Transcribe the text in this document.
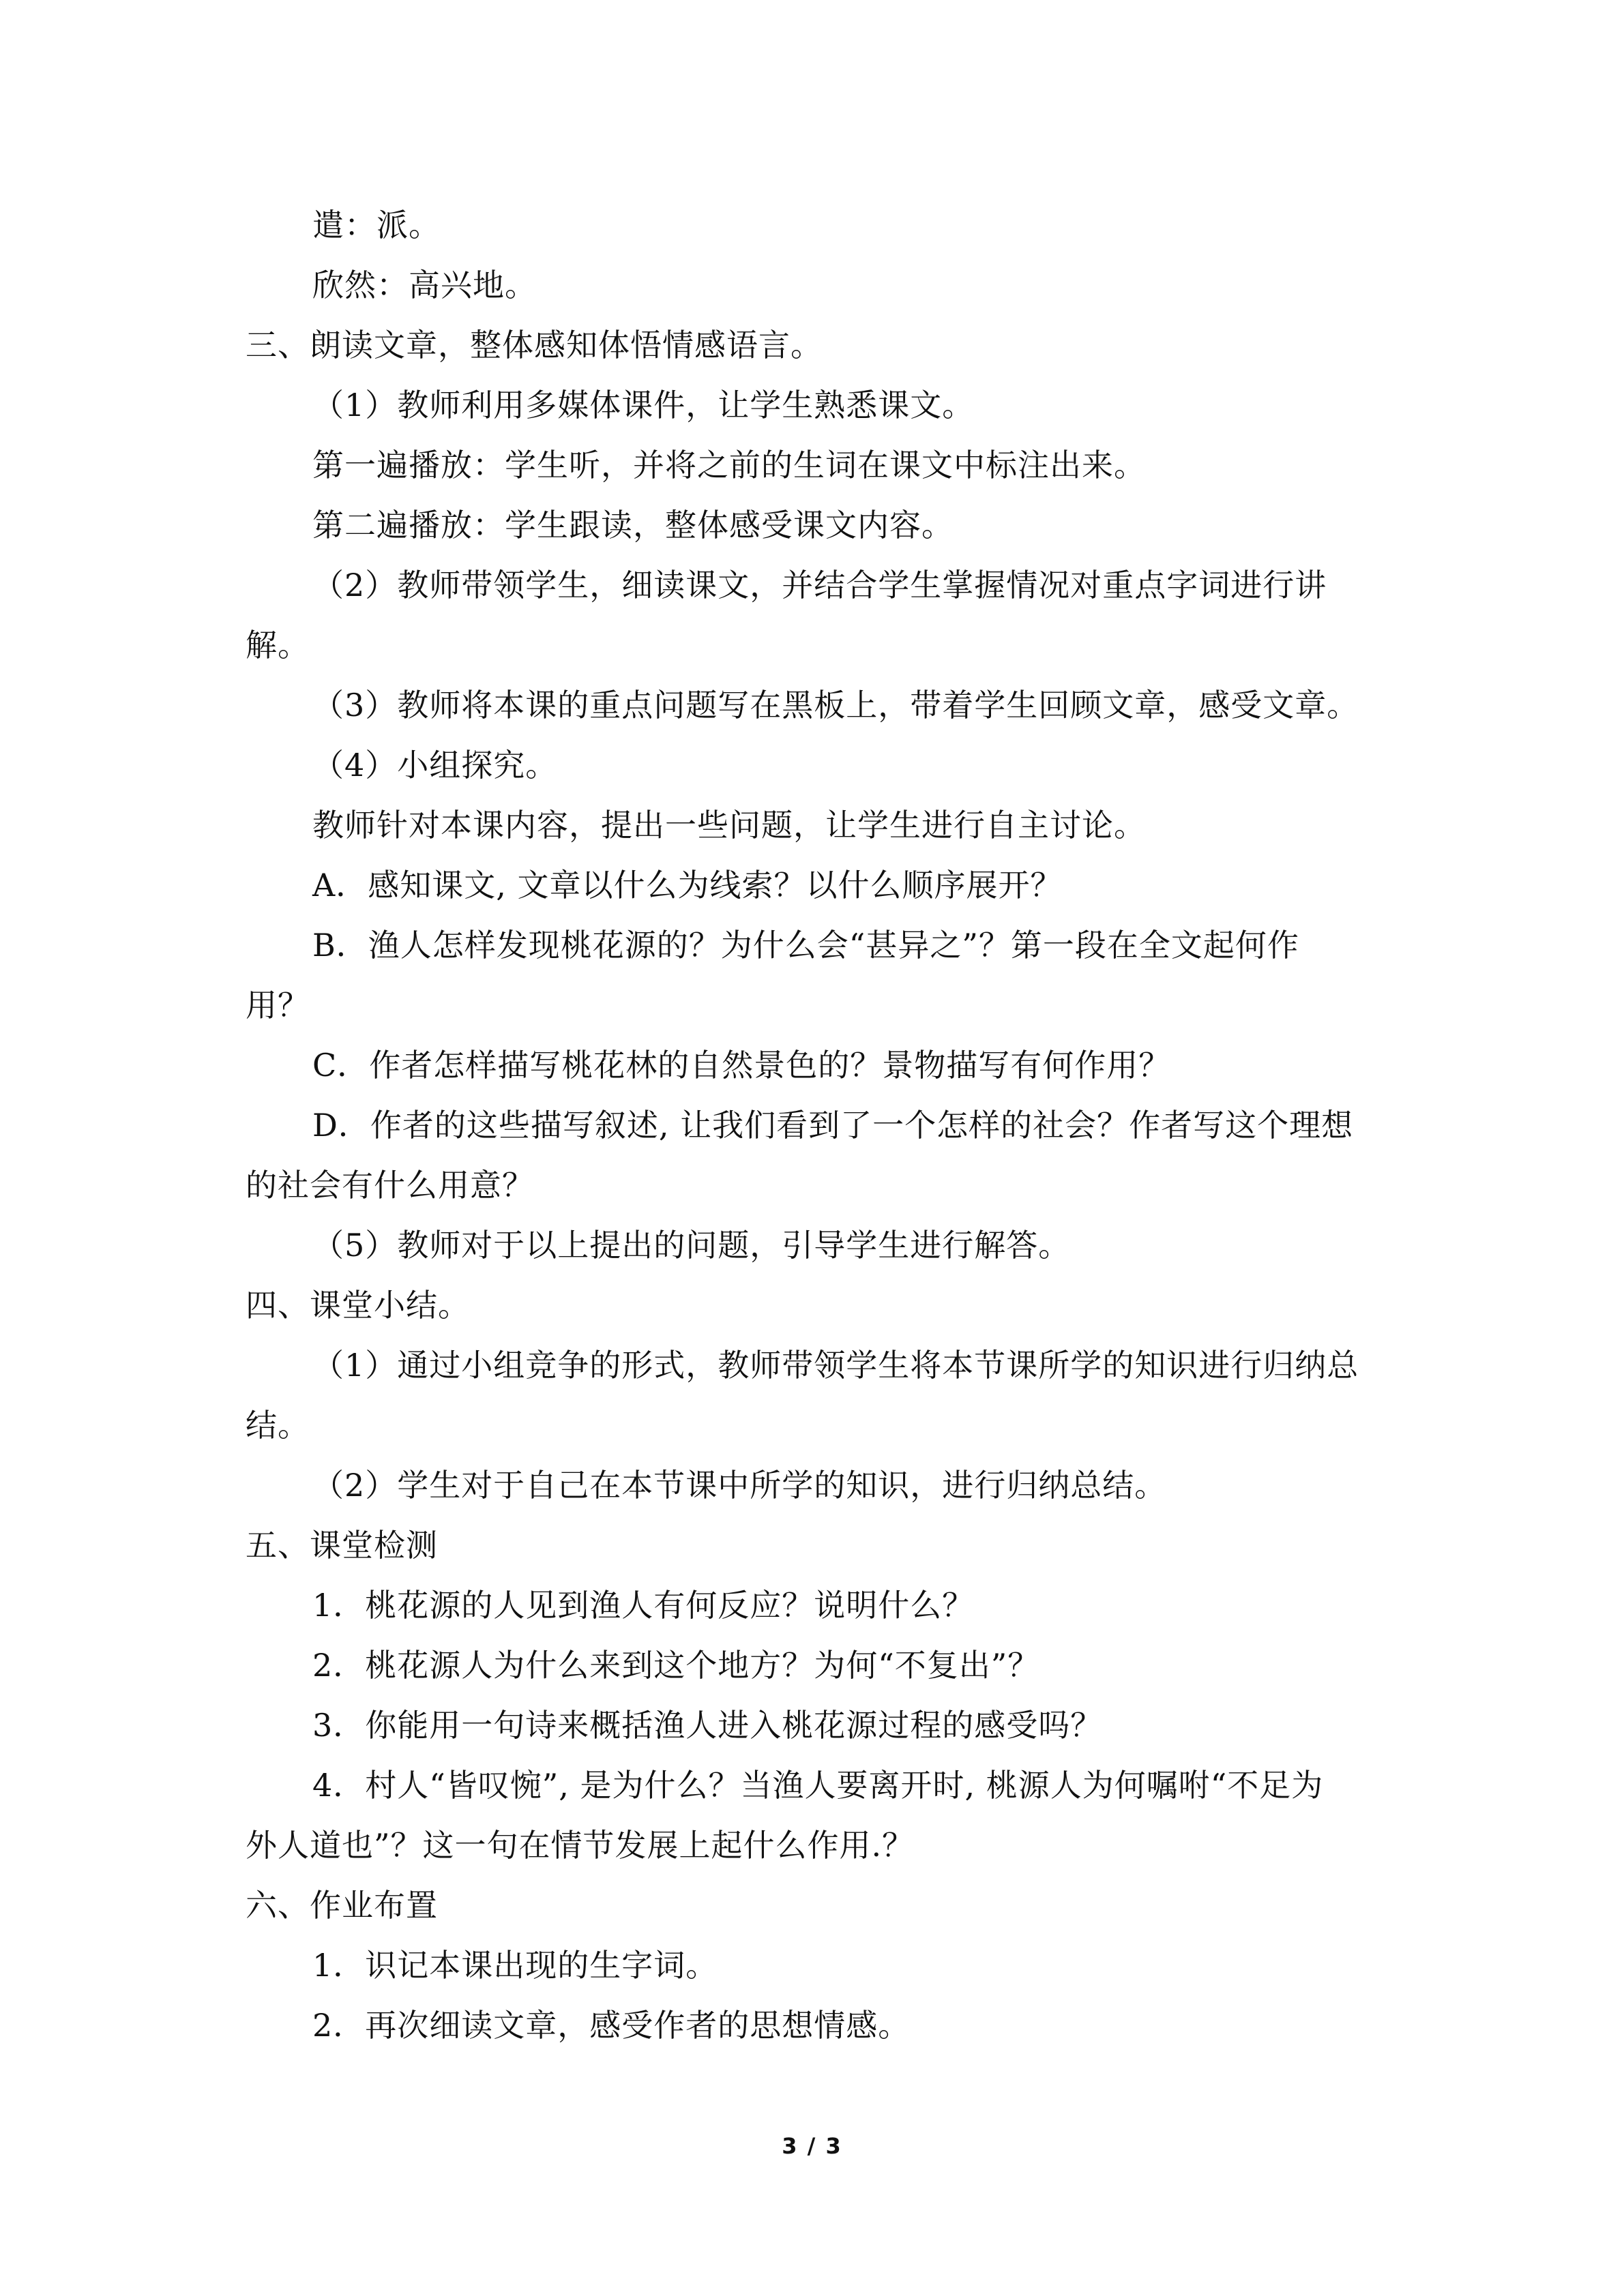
遣：派。
欣然：高兴地。
三、朗读文章，整体感知体悟情感语言。
（1）教师利用多媒体课件，让学生熟悉课文。
第一遍播放：学生听，并将之前的生词在课文中标注出来。
第二遍播放：学生跟读，整体感受课文内容。
（2）教师带领学生，细读课文，并结合学生掌握情况对重点字词进行讲
解。
（3）教师将本课的重点问题写在黑板上，带着学生回顾文章，感受文章。
（4）小组探究。
教师针对本课内容，提出一些问题，让学生进行自主讨论。
A．感知课文, 文章以什么为线索？以什么顺序展开？
B．渔人怎样发现桃花源的？为什么会“甚异之”？第一段在全文起何作
用？
C．作者怎样描写桃花林的自然景色的？景物描写有何作用？
D．作者的这些描写叙述, 让我们看到了一个怎样的社会？作者写这个理想
的社会有什么用意？
（5）教师对于以上提出的问题，引导学生进行解答。
四、课堂小结。
（1）通过小组竞争的形式，教师带领学生将本节课所学的知识进行归纳总
结。
（2）学生对于自己在本节课中所学的知识，进行归纳总结。
五、课堂检测
1．桃花源的人见到渔人有何反应？说明什么？
2．桃花源人为什么来到这个地方？为何“不复出”？
3．你能用一句诗来概括渔人进入桃花源过程的感受吗？
4．村人“皆叹惋”, 是为什么？当渔人要离开时, 桃源人为何嘱咐“不足为
外人道也”？这一句在情节发展上起什么作用.？
六、作业布置
1．识记本课出现的生字词。
2．再次细读文章，感受作者的思想情感。
3 / 3
